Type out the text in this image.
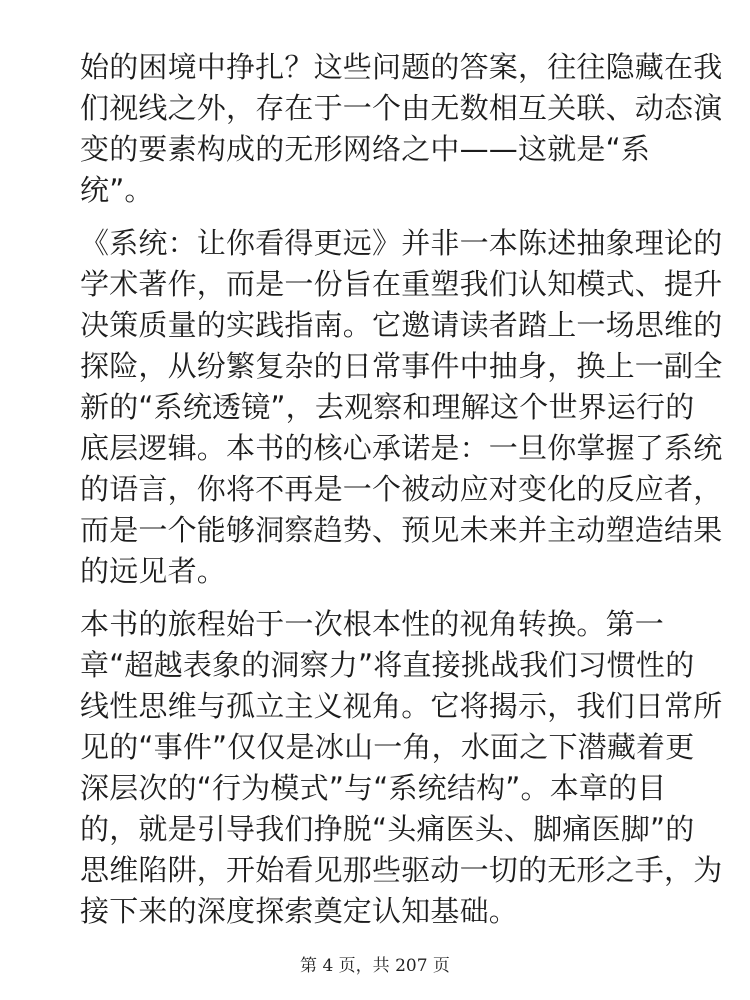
始的困境中挣扎？这些问题的答案，往往隐藏在我
们视线之外，存在于一个由无数相互关联、动态演
变的要素构成的无形网络之中——这就是“系
统”。

《系统：让你看得更远》并非一本陈述抽象理论的
学术著作，而是一份旨在重塑我们认知模式、提升
决策质量的实践指南。它邀请读者踏上一场思维的
探险，从纷繁复杂的日常事件中抽身，换上一副全
新的“系统透镜”，去观察和理解这个世界运行的
底层逻辑。本书的核心承诺是：一旦你掌握了系统
的语言，你将不再是一个被动应对变化的反应者，
而是一个能够洞察趋势、预见未来并主动塑造结果
的远见者。

本书的旅程始于一次根本性的视角转换。第一
章“超越表象的洞察力”将直接挑战我们习惯性的
线性思维与孤立主义视角。它将揭示，我们日常所
见的“事件”仅仅是冰山一角，水面之下潜藏着更
深层次的“行为模式”与“系统结构”。本章的目
的，就是引导我们挣脱“头痛医头、脚痛医脚”的
思维陷阱，开始看见那些驱动一切的无形之手，为
接下来的深度探索奠定认知基础。

第 4 页，共 207 页
